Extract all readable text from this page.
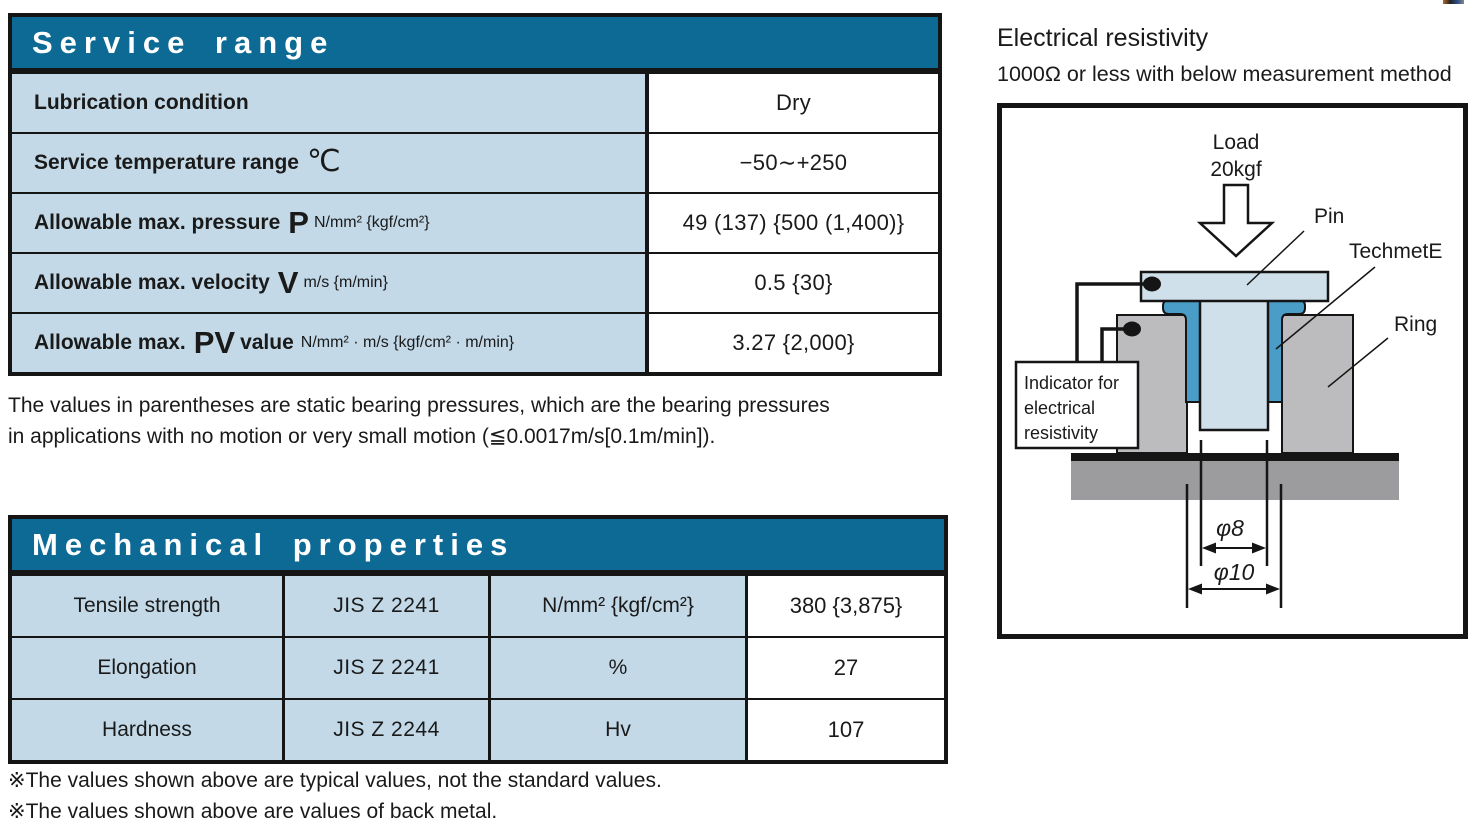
Service range
Lubrication condition	Dry
Service temperature range ℃	−50∼+250
Allowable max. pressure P N/mm² {kgf/cm²}	49 (137) {500 (1,400)}
Allowable max. velocity V m/s {m/min}	0.5 {30}
Allowable max. PV value N/mm² · m/s {kgf/cm² · m/min}	3.27 {2,000}
The values in parentheses are static bearing pressures, which are the bearing pressures
in applications with no motion or very small motion (≦0.0017m/s[0.1m/min]).
Mechanical properties
Tensile strength	JIS Z 2241	N/mm² {kgf/cm²}	380 {3,875}
Elongation	JIS Z 2241	%	27
Hardness	JIS Z 2244	Hv	107
※The values shown above are typical values, not the standard values.
※The values shown above are values of back metal.
Electrical resistivity
1000Ω or less with below measurement method
Load
20kgf
Indicator for
electrical
resistivity
φ8
φ10
Pin
TechmetE
Ring
